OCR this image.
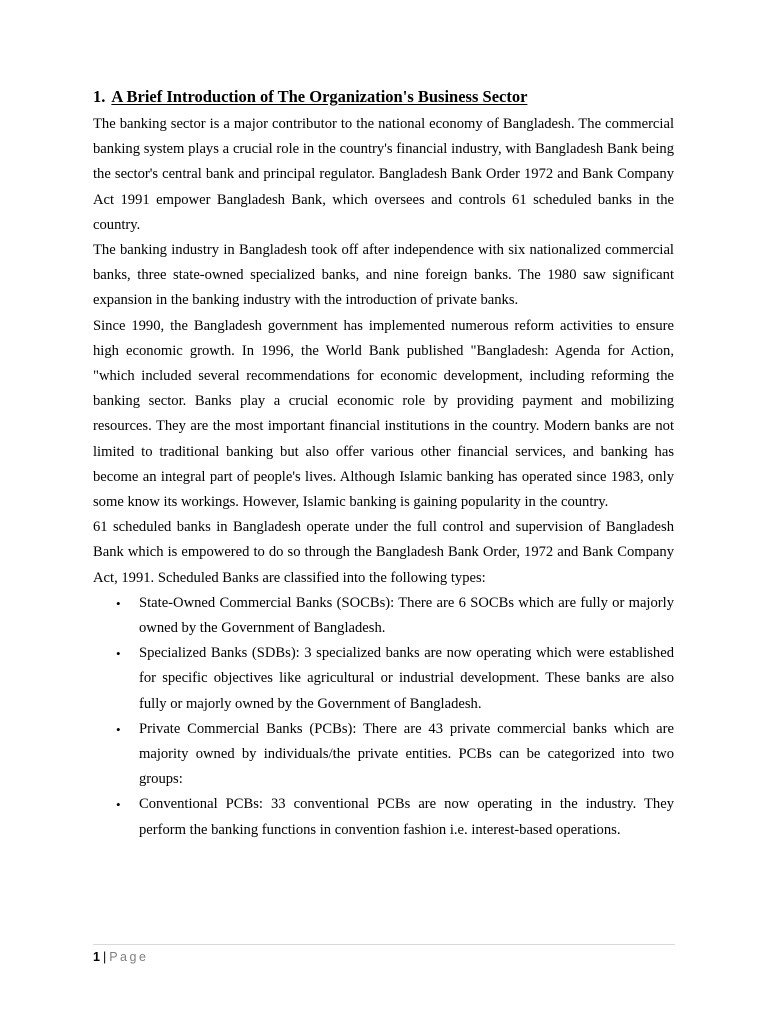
1. A Brief Introduction of The Organization's Business Sector

The banking sector is a major contributor to the national economy of Bangladesh. The commercial banking system plays a crucial role in the country's financial industry, with Bangladesh Bank being the sector's central bank and principal regulator. Bangladesh Bank Order 1972 and Bank Company Act 1991 empower Bangladesh Bank, which oversees and controls 61 scheduled banks in the country.

The banking industry in Bangladesh took off after independence with six nationalized commercial banks, three state-owned specialized banks, and nine foreign banks. The 1980 saw significant expansion in the banking industry with the introduction of private banks.

Since 1990, the Bangladesh government has implemented numerous reform activities to ensure high economic growth. In 1996, the World Bank published "Bangladesh: Agenda for Action, "which included several recommendations for economic development, including reforming the banking sector. Banks play a crucial economic role by providing payment and mobilizing resources. They are the most important financial institutions in the country. Modern banks are not limited to traditional banking but also offer various other financial services, and banking has become an integral part of people's lives. Although Islamic banking has operated since 1983, only some know its workings. However, Islamic banking is gaining popularity in the country.

61 scheduled banks in Bangladesh operate under the full control and supervision of Bangladesh Bank which is empowered to do so through the Bangladesh Bank Order, 1972 and Bank Company Act, 1991. Scheduled Banks are classified into the following types:

• State-Owned Commercial Banks (SOCBs): There are 6 SOCBs which are fully or majorly owned by the Government of Bangladesh.
• Specialized Banks (SDBs): 3 specialized banks are now operating which were established for specific objectives like agricultural or industrial development. These banks are also fully or majorly owned by the Government of Bangladesh.
• Private Commercial Banks (PCBs): There are 43 private commercial banks which are majority owned by individuals/the private entities. PCBs can be categorized into two groups:
• Conventional PCBs: 33 conventional PCBs are now operating in the industry. They perform the banking functions in convention fashion i.e. interest-based operations.
1 | Page
